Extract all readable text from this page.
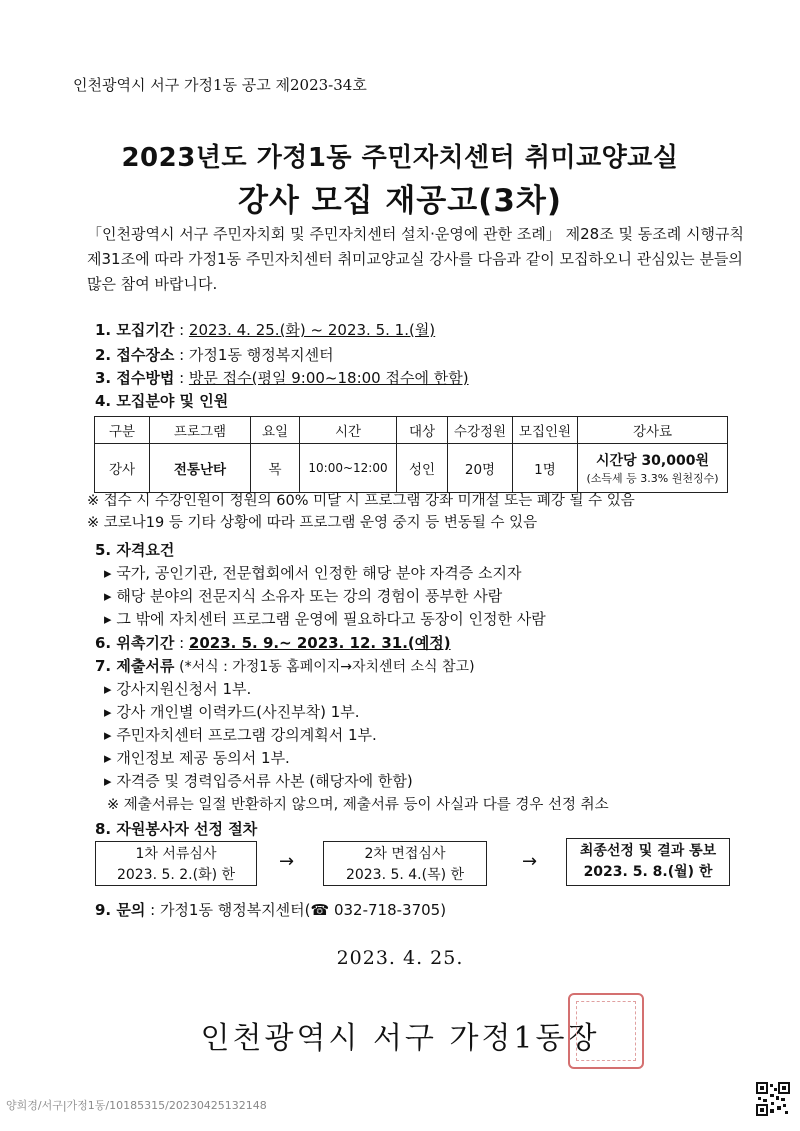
인천광역시 서구 가정1동 공고 제2023-34호
2023년도 가정1동 주민자치센터 취미교양교실
강사 모집 재공고(3차)
「인천광역시 서구 주민자치회 및 주민자치센터 설치·운영에 관한 조례」 제28조 및 동조례 시행규칙 제31조에 따라 가정1동 주민자치센터 취미교양교실 강사를 다음과 같이 모집하오니 관심있는 분들의 많은 참여 바랍니다.
1. 모집기간 : 2023. 4. 25.(화) ~ 2023. 5. 1.(월)
2. 접수장소 : 가정1동 행정복지센터
3. 접수방법 : 방문 접수(평일 9:00~18:00 접수에 한함)
4. 모집분야 및 인원
구분	프로그램	요일	시간	대상	수강정원	모집인원	강사료
강사	전통난타	목	10:00~12:00	성인	20명	1명	시간당 30,000원
(소득세 등 3.3% 원천징수)
※ 접수 시 수강인원이 정원의 60% 미달 시 프로그램 강좌 미개설 또는 폐강 될 수 있음
※ 코로나19 등 기타 상황에 따라 프로그램 운영 중지 등 변동될 수 있음
5. 자격요건
▸ 국가, 공인기관, 전문협회에서 인정한 해당 분야 자격증 소지자
▸ 해당 분야의 전문지식 소유자 또는 강의 경험이 풍부한 사람
▸ 그 밖에 자치센터 프로그램 운영에 필요하다고 동장이 인정한 사람
6. 위촉기간 : 2023. 5. 9.~ 2023. 12. 31.(예정)
7. 제출서류 (*서식 : 가정1동 홈페이지→자치센터 소식 참고)
▸ 강사지원신청서 1부.
▸ 강사 개인별 이력카드(사진부착) 1부.
▸ 주민자치센터 프로그램 강의계획서 1부.
▸ 개인정보 제공 동의서 1부.
▸ 자격증 및 경력입증서류 사본 (해당자에 한함)
※ 제출서류는 일절 반환하지 않으며, 제출서류 등이 사실과 다를 경우 선정 취소
8. 자원봉사자 선정 절차
1차 서류심사
2023. 5. 2.(화) 한
→	2차 면접심사
2023. 5. 4.(목) 한
→	최종선정 및 결과 통보
2023. 5. 8.(월) 한
9. 문의 : 가정1동 행정복지센터(☎ 032-718-3705)
2023. 4. 25.
인천광역시 서구 가정1동장
양희경/서구|가정1동/10185315/20230425132148
